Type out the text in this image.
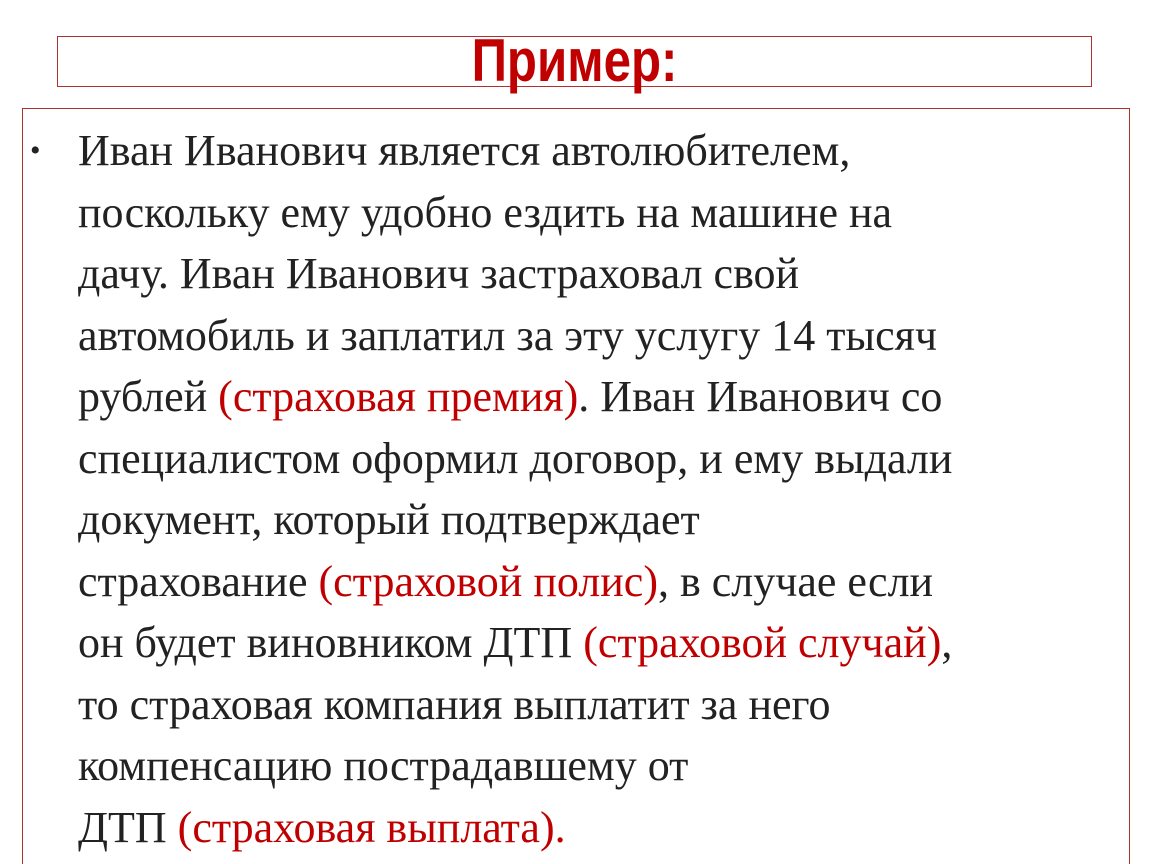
Пример:
• Иван Иванович является автолюбителем,
поскольку ему удобно ездить на машине на
дачу. Иван Иванович застраховал свой
автомобиль и заплатил за эту услугу 14 тысяч
рублей (страховая премия). Иван Иванович со
специалистом оформил договор, и ему выдали
документ, который подтверждает
страхование (страховой полис), в случае если
он будет виновником ДТП (страховой случай),
то страховая компания выплатит за него
компенсацию пострадавшему от
ДТП (страховая выплата).
